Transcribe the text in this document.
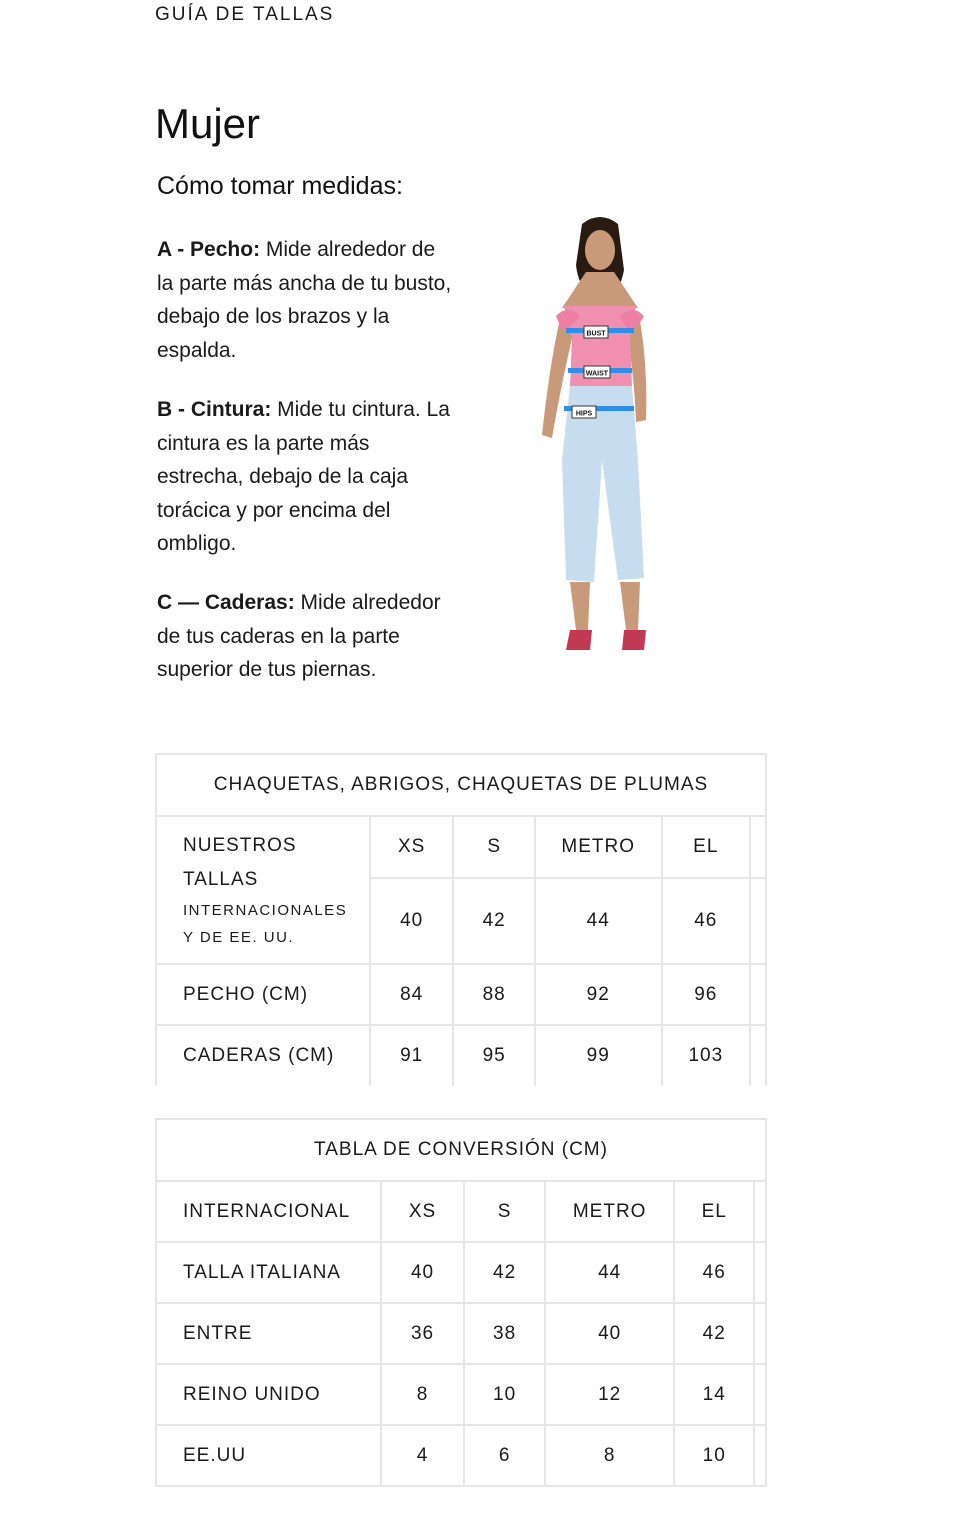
GUÍA DE TALLAS
Mujer
Cómo tomar medidas:

A - Pecho: Mide alrededor de la parte más ancha de tu busto, debajo de los brazos y la espalda.

B - Cintura: Mide tu cintura. La cintura es la parte más estrecha, debajo de la caja torácica y por encima del ombligo.

C — Caderas: Mide alrededor de tus caderas en la parte superior de tus piernas.

BUST
WAIST
HIPS
CHAQUETAS, ABRIGOS, CHAQUETAS DE PLUMAS					

NUESTROS TALLAS
INTERNACIONALES Y DE EE. UU.	XS	S	METRO	EL	
	40	42	44	46	
PECHO (CM)	84	88	92	96	
CADERAS (CM)	91	95	99	103	
TABLA DE CONVERSIÓN (CM)					
INTERNACIONAL	XS	S	METRO	EL	
TALLA ITALIANA	40	42	44	46	
ENTRE	36	38	40	42	
REINO UNIDO	8	10	12	14	
EE.UU	4	6	8	10	
